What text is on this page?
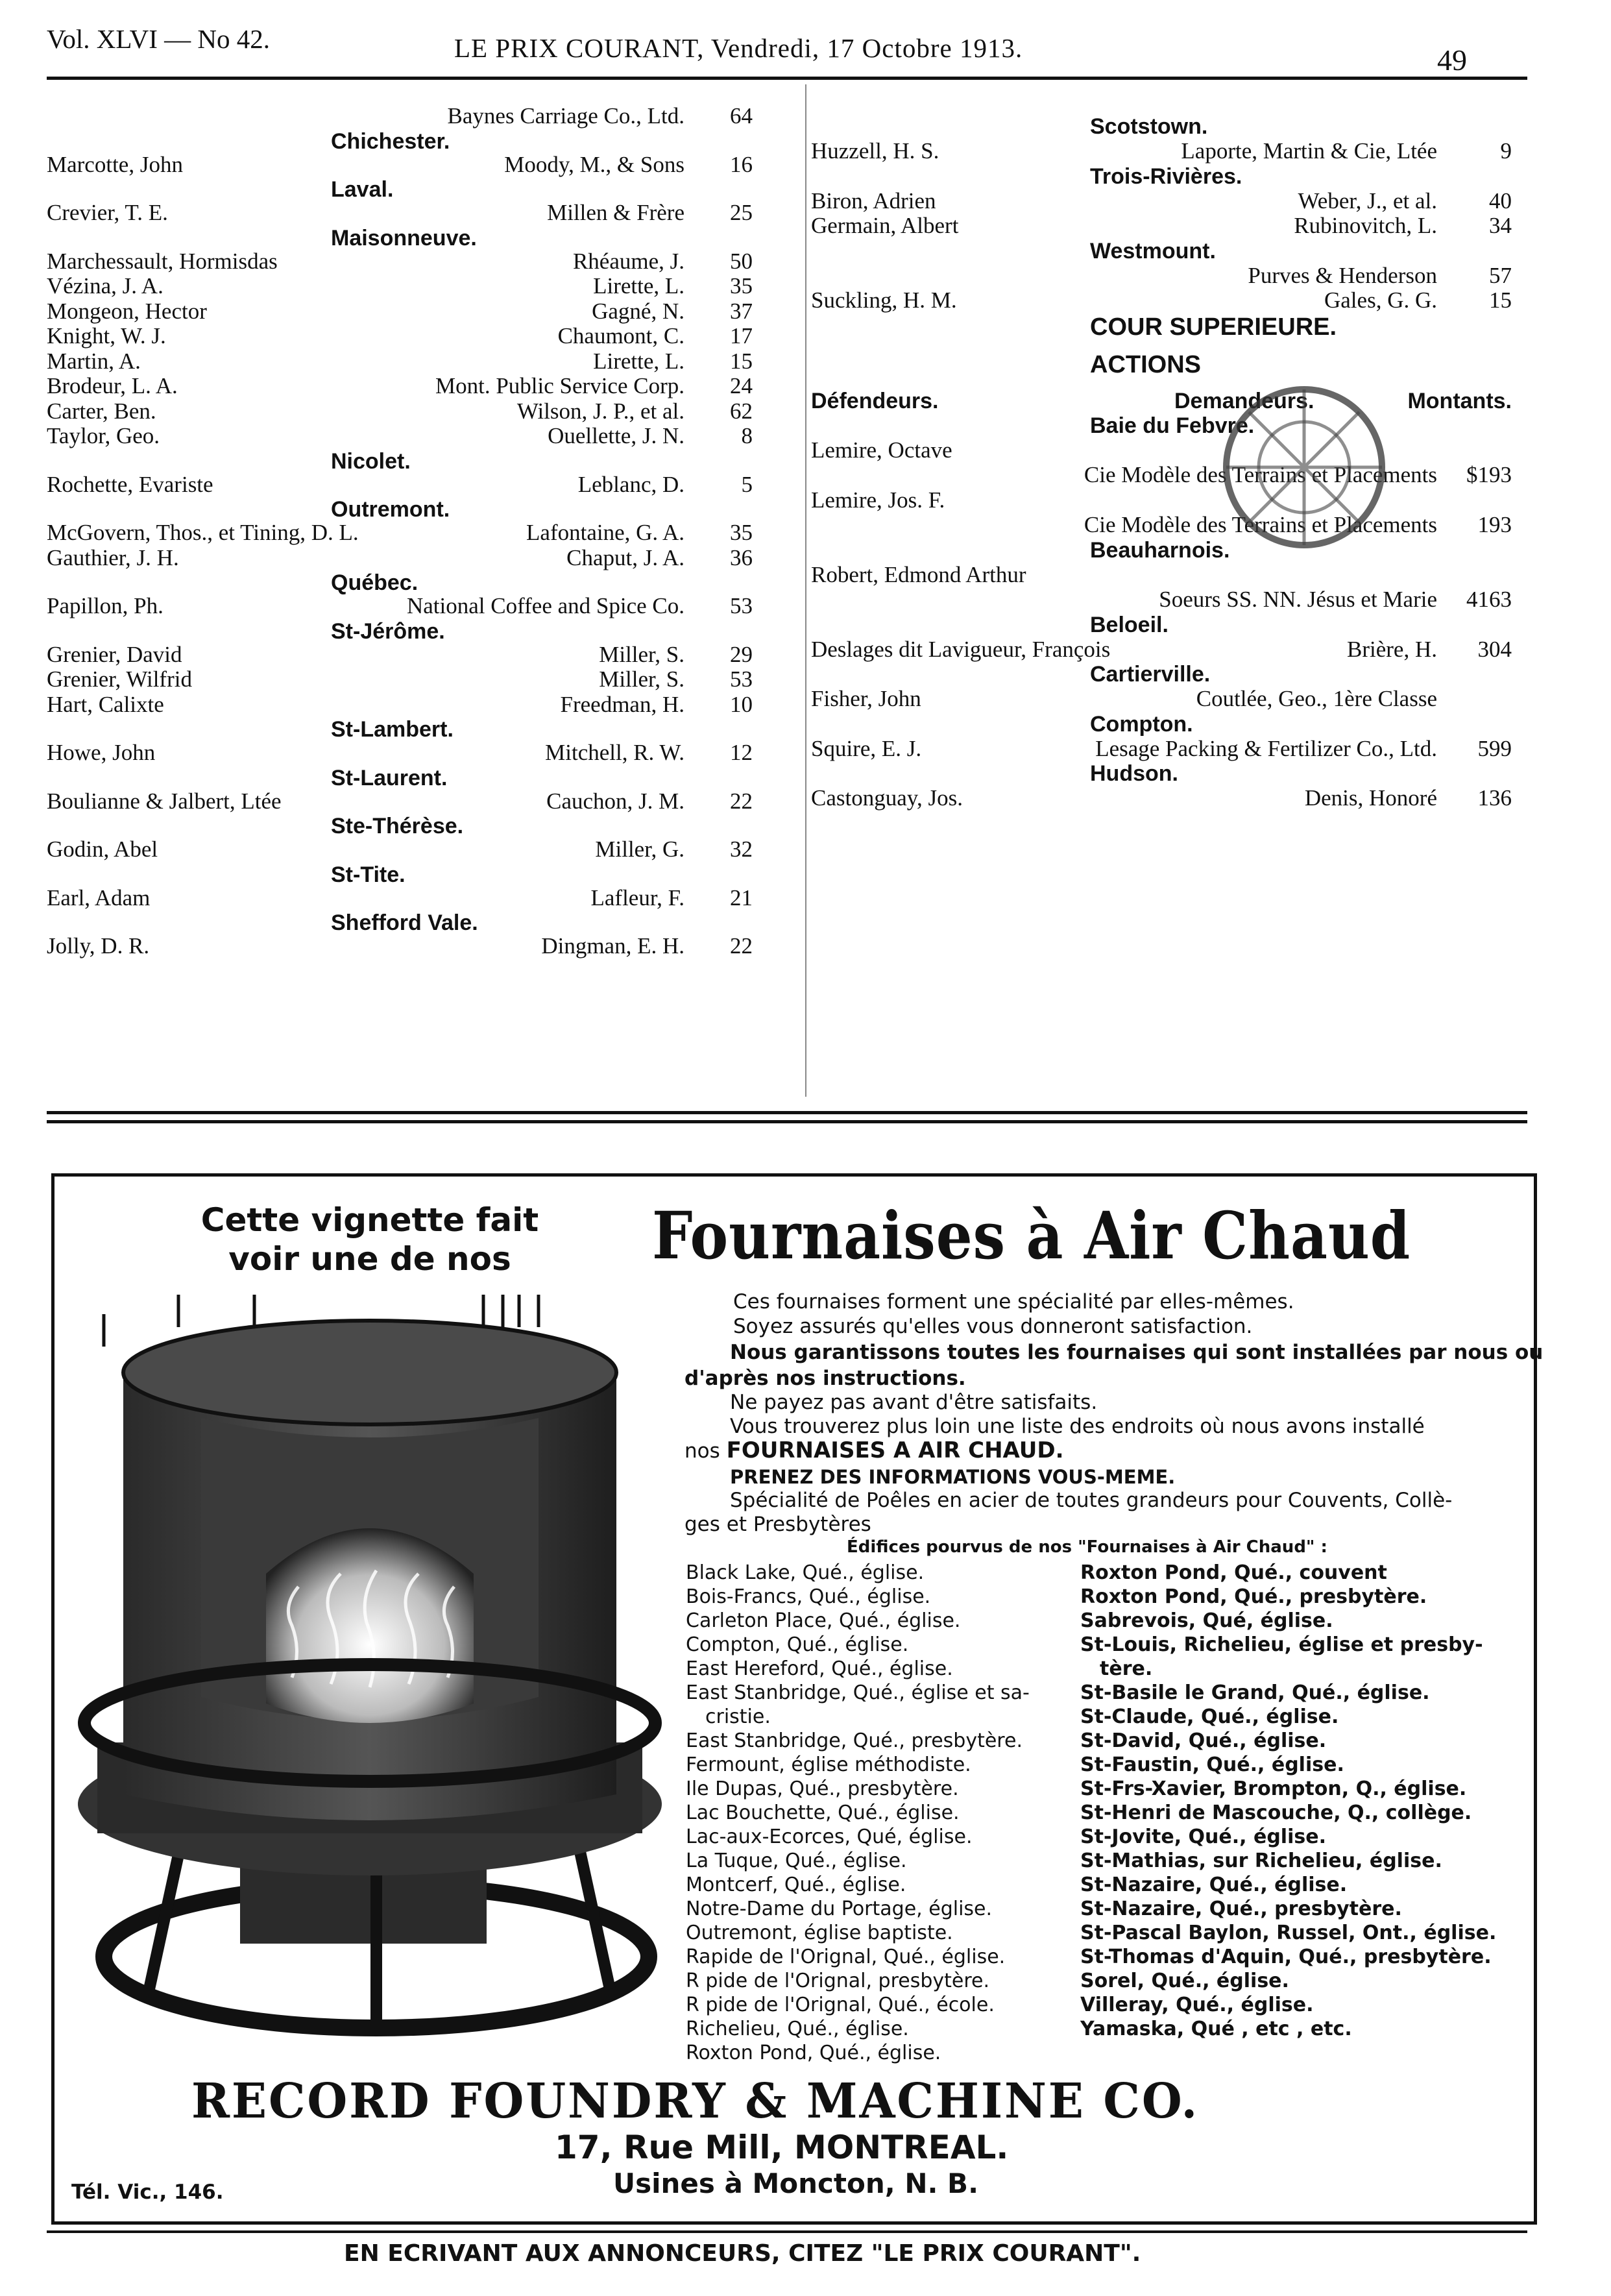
Vol. XLVI — No 42.	LE PRIX COURANT, Vendredi, 17 Octobre 1913.	49
Baynes Carriage Co., Ltd. 64
Chichester.
Marcotte, John	Moody, M., & Sons 16
Laval.
Crevier, T. E.	Millen & Frère 25
Maisonneuve.
Marchessault, Hormisdas	Rhéaume, J. 50
Vézina, J. A.	Lirette, L. 35
Mongeon, Hector	Gagné, N. 37
Knight, W. J.	Chaumont, C. 17
Martin, A.	Lirette, L. 15
Brodeur, L. A.	Mont. Public Service Corp. 24
Carter, Ben.	Wilson, J. P., et al. 62
Taylor, Geo.	Ouellette, J. N.	8
Nicolet.
Rochette, Evariste	Leblanc, D.	5
Outremont.
McGovern, Thos., et Tining, D. L.	Lafontaine, G. A. 35
Gauthier, J. H.	Chaput, J. A. 36
Québec.
Papillon, Ph.	National Coffee and Spice Co. 53
St-Jérôme.
Grenier, David	Miller, S. 29
Grenier, Wilfrid	Miller, S. 53
Hart, Calixte	Freedman, H. 10
St-Lambert.
Howe, John	Mitchell, R. W. 12
St-Laurent.
Boulianne & Jalbert, Ltée	Cauchon, J. M. 22
Ste-Thérèse.
Godin, Abel	Miller, G. 32
St-Tite.
Earl, Adam	Lafleur, F. 21
Shefford Vale.
Jolly, D. R.	Dingman, E. H. 22
Scotstown.
Huzzell, H. S.	Laporte, Martin & Cie, Ltée	9
Trois-Rivières.
Biron, Adrien	Weber, J., et al. 40
Germain, Albert	Rubinovitch, L. 34
Westmount.
Purves & Henderson 57
Suckling, H. M.	Gales, G. G. 15
COUR SUPERIEURE.
ACTIONS
Défendeurs.	Demandeurs.	Montants.
Baie du Febvre.
Lemire, Octave
Cie Modèle des Terrains et Placements $193
Lemire, Jos. F.
Cie Modèle des Terrains et Placements 193
Beauharnois.
Robert, Edmond Arthur
Soeurs SS. NN. Jésus et Marie 4163
Beloeil.
Deslages dit Lavigueur, François	Brière, H. 304
Cartierville.
Fisher, John	Coutlée, Geo., 1ère Classe
Compton.
Squire, E. J.	Lesage Packing & Fertilizer Co., Ltd. 599
Hudson.
Castonguay, Jos.	Denis, Honoré 136
Cette vignette fait
voir une de nos	Fournaises à Air Chaud
Ces fournaises forment une spécialité par elles-mêmes.
Soyez assurés qu'elles vous donneront satisfaction.
Nous garantissons toutes les fournaises qui sont installées par nous ou
d'après nos instructions.
Ne payez pas avant d'être satisfaits.
Vous trouverez plus loin une liste des endroits où nous avons installé
nos FOURNAISES A AIR CHAUD.
PRENEZ DES INFORMATIONS VOUS-MEME.
Spécialité de Poêles en acier de toutes grandeurs pour Couvents, Collè-
ges et Presbytères
Édifices pourvus de nos "Fournaises à Air Chaud" :
Black Lake, Qué., église.
Bois-Francs, Qué., église.
Carleton Place, Qué., église.
Compton, Qué., église.
East Hereford, Qué., église.
East Stanbridge, Qué., église et sa-
cristie.
East Stanbridge, Qué., presbytère.
Fermount, église méthodiste.
Ile Dupas, Qué., presbytère.
Lac Bouchette, Qué., église.
Lac-aux-Ecorces, Qué, église.
La Tuque, Qué., église.
Montcerf, Qué., église.
Notre-Dame du Portage, église.
Outremont, église baptiste.
Rapide de l'Orignal, Qué., église.
R pide de l'Orignal, presbytère.
R pide de l'Orignal, Qué., école.
Richelieu, Qué., église.
Roxton Pond, Qué., église.
Roxton Pond, Qué., couvent
Roxton Pond, Qué., presbytère.
Sabrevois, Qué, église.
St-Louis, Richelieu, église et presby-
tère.
St-Basile le Grand, Qué., église.
St-Claude, Qué., église.
St-David, Qué., église.
St-Faustin, Qué., église.
St-Frs-Xavier, Brompton, Q., église.
St-Henri de Mascouche, Q., collège.
St-Jovite, Qué., église.
St-Mathias, sur Richelieu, église.
St-Nazaire, Qué., église.
St-Nazaire, Qué., presbytère.
St-Pascal Baylon, Russel, Ont., église.
St-Thomas d'Aquin, Qué., presbytère.
Sorel, Qué., église.
Villeray, Qué., église.
Yamaska, Qué , etc , etc.
RECORD FOUNDRY & MACHINE CO.
17, Rue Mill, MONTREAL.
Usines à Moncton, N. B.
Tél. Vic., 146.
EN ECRIVANT AUX ANNONCEURS, CITEZ "LE PRIX COURANT".
